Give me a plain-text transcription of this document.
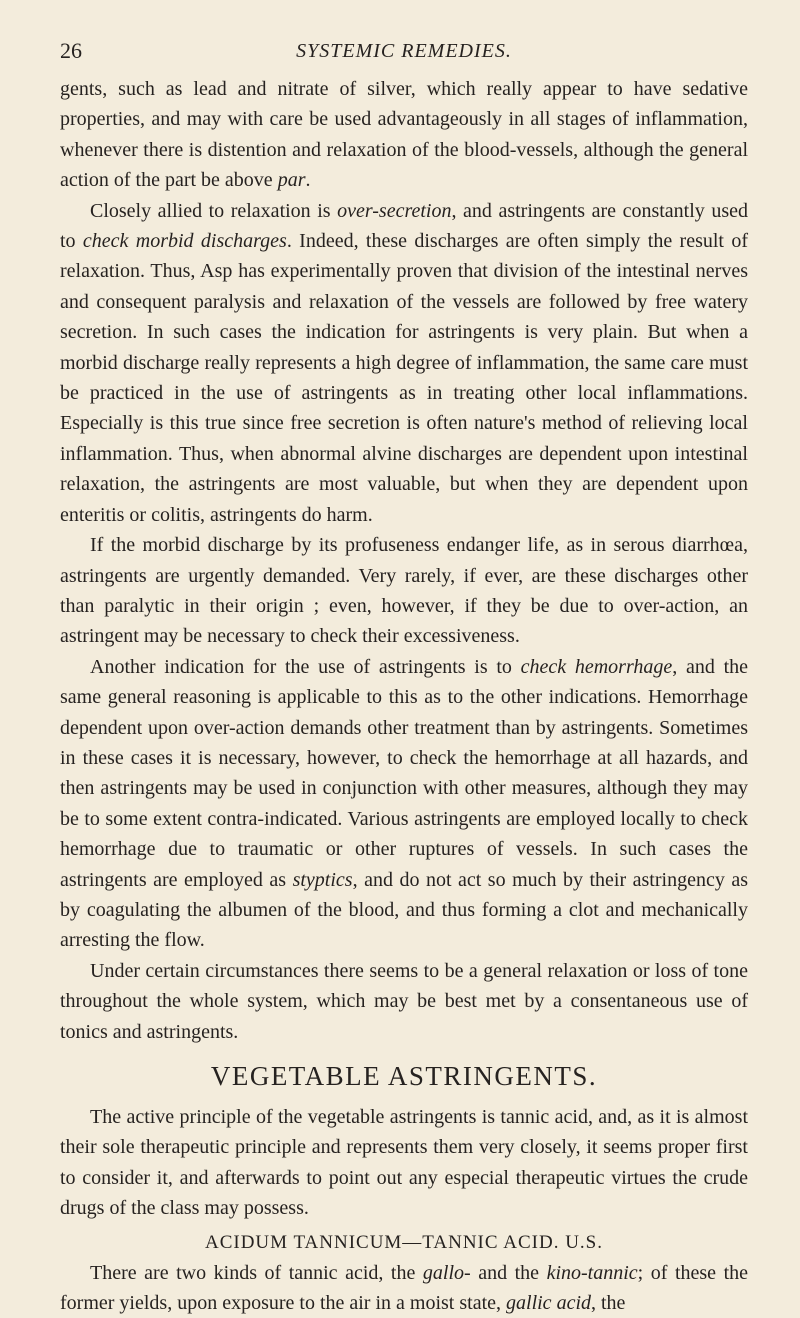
26	SYSTEMIC REMEDIES.

gents, such as lead and nitrate of silver, which really appear to have sedative properties, and may with care be used advantageously in all stages of inflammation, whenever there is distention and relaxation of the blood-vessels, although the general action of the part be above par.

Closely allied to relaxation is over-secretion, and astringents are constantly used to check morbid discharges. Indeed, these discharges are often simply the result of relaxation. Thus, Asp has experimentally proven that division of the intestinal nerves and consequent paralysis and relaxation of the vessels are followed by free watery secretion. In such cases the indication for astringents is very plain. But when a morbid discharge really represents a high degree of inflammation, the same care must be practiced in the use of astringents as in treating other local inflammations. Especially is this true since free secretion is often nature's method of relieving local inflammation. Thus, when abnormal alvine discharges are dependent upon intestinal relaxation, the astringents are most valuable, but when they are dependent upon enteritis or colitis, astringents do harm.

If the morbid discharge by its profuseness endanger life, as in serous diarrhœa, astringents are urgently demanded. Very rarely, if ever, are these discharges other than paralytic in their origin ; even, however, if they be due to over-action, an astringent may be necessary to check their excessiveness.

Another indication for the use of astringents is to check hemorrhage, and the same general reasoning is applicable to this as to the other indications. Hemorrhage dependent upon over-action demands other treatment than by astringents. Sometimes in these cases it is necessary, however, to check the hemorrhage at all hazards, and then astringents may be used in conjunction with other measures, although they may be to some extent contra-indicated. Various astringents are employed locally to check hemorrhage due to traumatic or other ruptures of vessels. In such cases the astringents are employed as styptics, and do not act so much by their astringency as by coagulating the albumen of the blood, and thus forming a clot and mechanically arresting the flow.

Under certain circumstances there seems to be a general relaxation or loss of tone throughout the whole system, which may be best met by a consentaneous use of tonics and astringents.

VEGETABLE ASTRINGENTS.

The active principle of the vegetable astringents is tannic acid, and, as it is almost their sole therapeutic principle and represents them very closely, it seems proper first to consider it, and afterwards to point out any especial therapeutic virtues the crude drugs of the class may possess.

ACIDUM TANNICUM—TANNIC ACID. U.S.

There are two kinds of tannic acid, the gallo- and the kino-tannic; of these the former yields, upon exposure to the air in a moist state, gallic acid, the
